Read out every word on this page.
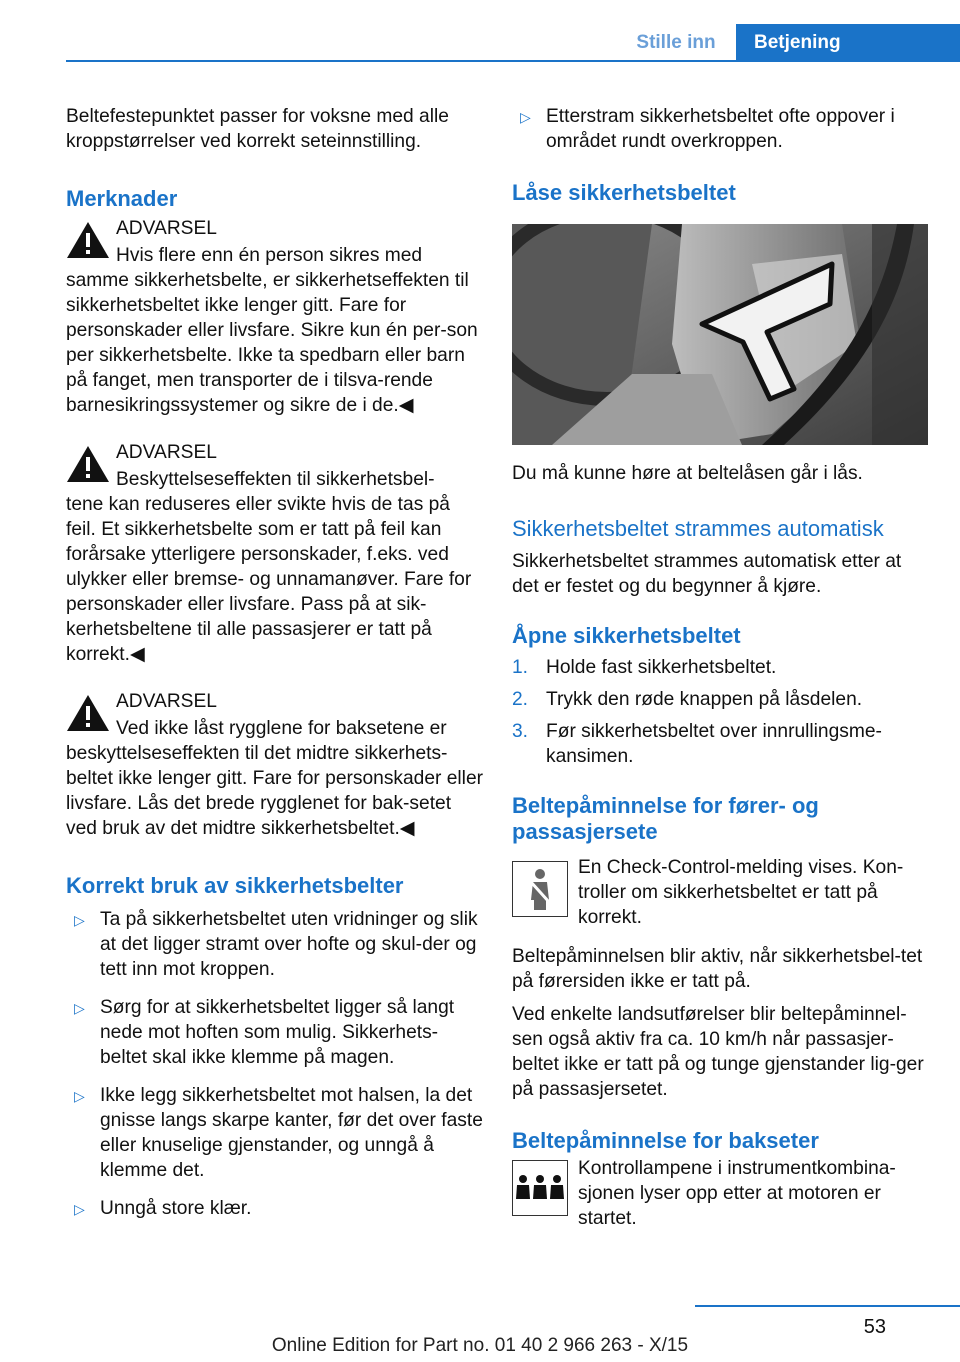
Stille inn	Betjening

Beltefestepunktet passer for voksne med alle kroppstørrelser ved korrekt seteinnstilling.

Merknader

ADVARSEL

Hvis flere enn én person sikres med

samme sikkerhetsbelte, er sikkerhetseffekten til sikkerhetsbeltet ikke lenger gitt. Fare for personskader eller livsfare. Sikre kun én per‐son per sikkerhetsbelte. Ikke ta spedbarn eller barn på fanget, men transporter de i tilsva‐rende barnesikringssystemer og sikre de i de.◀

ADVARSEL

Beskyttelseseffekten til sikkerhetsbel‐

tene kan reduseres eller svikte hvis de tas på feil. Et sikkerhetsbelte som er tatt på feil kan forårsake ytterligere personskader, f.eks. ved ulykker eller bremse- og unnamanøver. Fare for personskader eller livsfare. Pass på at sik‐kerhetsbeltene til alle passasjerer er tatt på korrekt.◀

ADVARSEL

Ved ikke låst rygglene for baksetene er

beskyttelseseffekten til det midtre sikkerhets‐beltet ikke lenger gitt. Fare for personskader eller livsfare. Lås det brede rygglenet for bak‐setet ved bruk av det midtre sikkerhetsbeltet.◀

Korrekt bruk av sikkerhetsbelter

▷ Ta på sikkerhetsbeltet uten vridninger og slik at det ligger stramt over hofte og skul‐der og tett inn mot kroppen.
▷ Sørg for at sikkerhetsbeltet ligger så langt nede mot hoften som mulig. Sikkerhets‐beltet skal ikke klemme på magen.
▷ Ikke legg sikkerhetsbeltet mot halsen, la det gnisse langs skarpe kanter, før det over faste eller knuselige gjenstander, og unngå å klemme det.
▷ Unngå store klær.
▷ Etterstram sikkerhetsbeltet ofte oppover i området rundt overkroppen.

Låse sikkerhetsbeltet

Du må kunne høre at beltelåsen går i lås.

Sikkerhetsbeltet strammes automatisk

Sikkerhetsbeltet strammes automatisk etter at det er festet og du begynner å kjøre.

Åpne sikkerhetsbeltet

1. Holde fast sikkerhetsbeltet.
2. Trykk den røde knappen på låsdelen.
3. Før sikkerhetsbeltet over innrullingsme‐kansimen.

Beltepåminnelse for fører- og passasjersete

En Check-Control-melding vises. Kon‐troller om sikkerhetsbeltet er tatt på korrekt.

Beltepåminnelsen blir aktiv, når sikkerhetsbel‐tet på førersiden ikke er tatt på.

Ved enkelte landsutførelser blir beltepåminnel‐sen også aktiv fra ca. 10 km/h når passasjer‐beltet ikke er tatt på og tunge gjenstander lig‐ger på passasjersetet.

Beltepåminnelse for bakseter

Kontrollampene i instrumentkombina‐sjonen lyser opp etter at motoren er startet.

53
Online Edition for Part no. 01 40 2 966 263 - X/15
